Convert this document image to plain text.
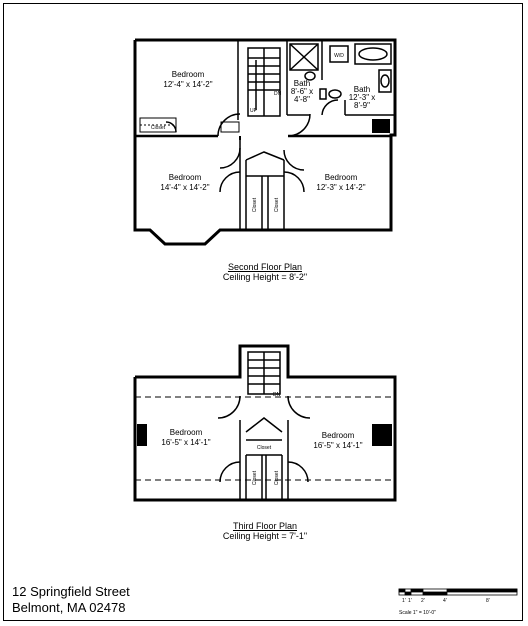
Bedroom
12'-4" x 14'-2"
Bedroom
14'-4" x 14'-2"
Bedroom
12'-3" x 14'-2"
Bath
8'-6" x
4'-8"
Bath
12'-3" x
8'-9"
Closet
W/D
DN
UP
Closet	Closet
Bedroom
16'-5" x 14'-1"
Bedroom
16'-5" x 14'-1"
Closet
DN
Closet	Closet
1' 1' 2'	4'	8'
Second Floor Plan
Ceiling Height = 8'-2"
Third Floor Plan
Ceiling Height = 7'-1"
12 Springfield Street
Belmont, MA 02478	Scale 1" = 10'-0"
